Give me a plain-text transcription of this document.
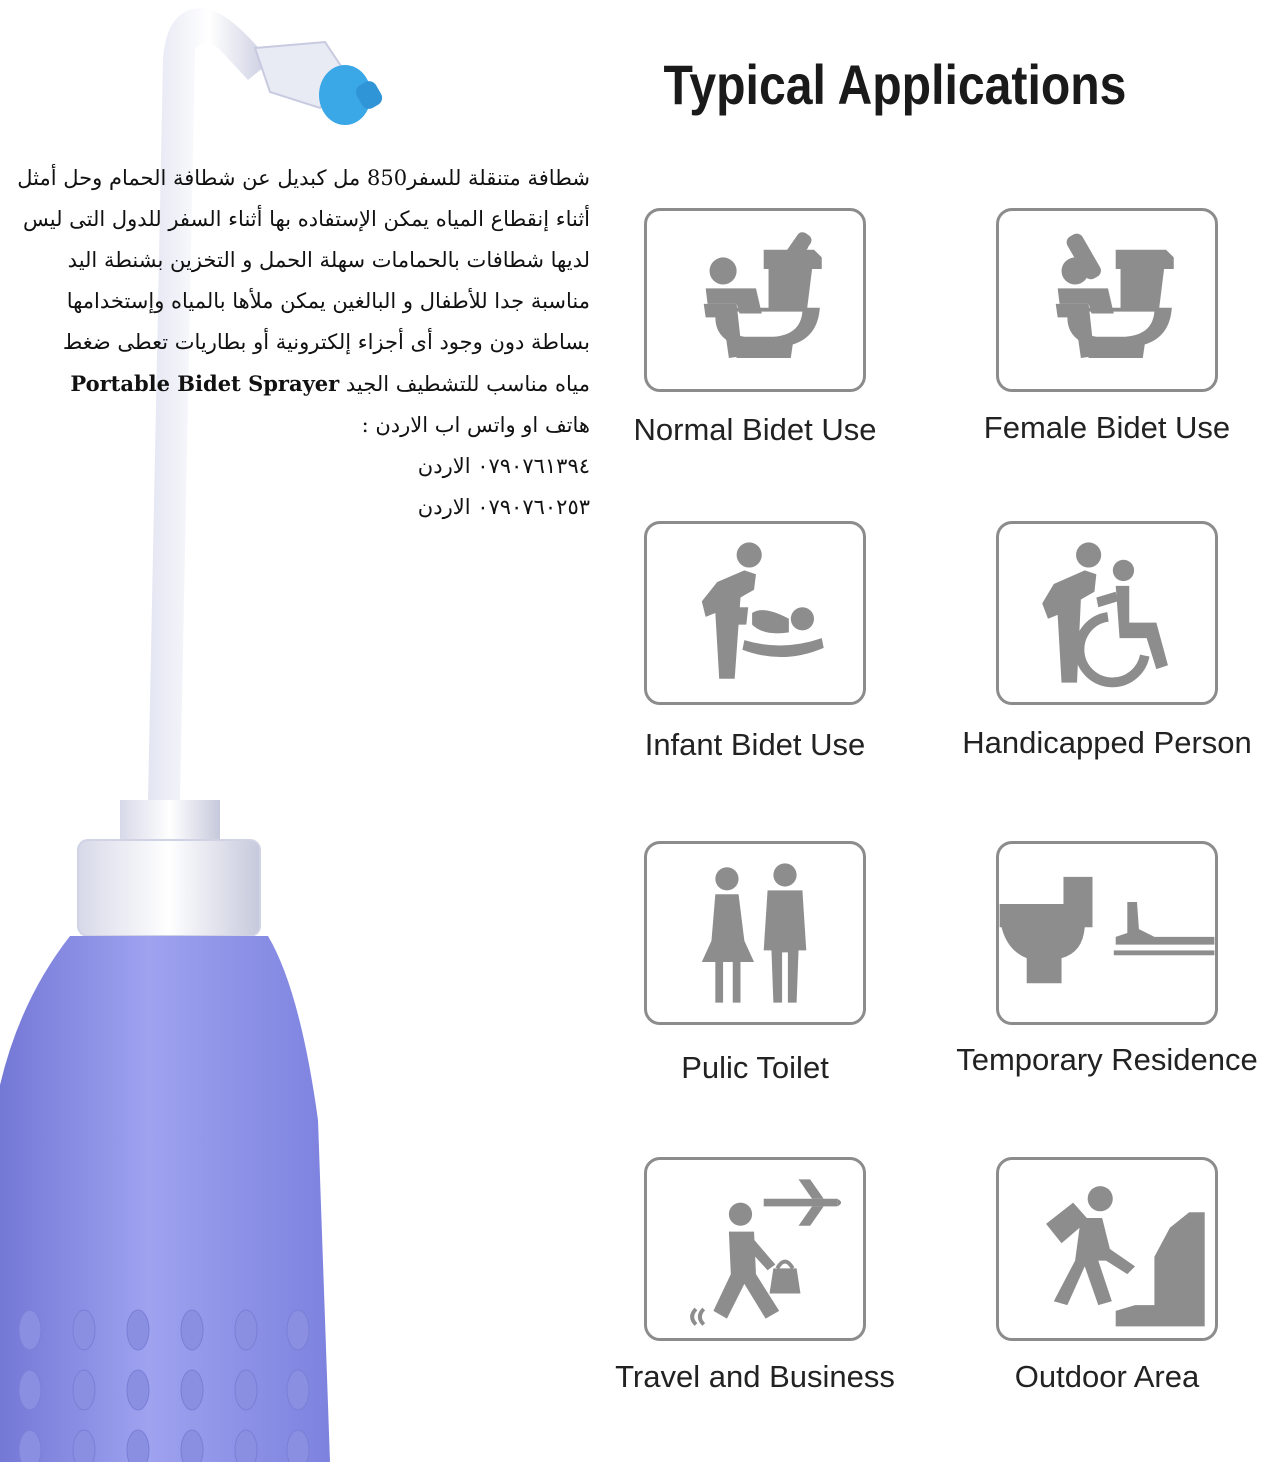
شطافة متنقلة للسفر850 مل كبديل عن شطافة الحمام وحل أمثل
أثناء إنقطاع المياه يمكن الإستفاده بها أثناء السفر للدول التى ليس
لديها شطافات بالحمامات سهلة الحمل و التخزين بشنطة اليد
مناسبة جدا للأطفال و البالغين يمكن ملأها بالمياه وإستخدامها
بساطة دون وجود أى أجزاء إلكترونية أو بطاريات تعطى ضغط
مياه مناسب للتشطيف الجيد Portable Bidet Sprayer
هاتف او واتس اب الاردن :
٠٧٩٠٧٦١٣٩٤ الاردن
٠٧٩٠٧٦٠٢٥٣ الاردن
Typical Applications
Normal Bidet Use	Female Bidet Use
Infant Bidet Use	Handicapped Person
Pulic Toilet	Temporary Residence
Travel and Business	Outdoor Area
